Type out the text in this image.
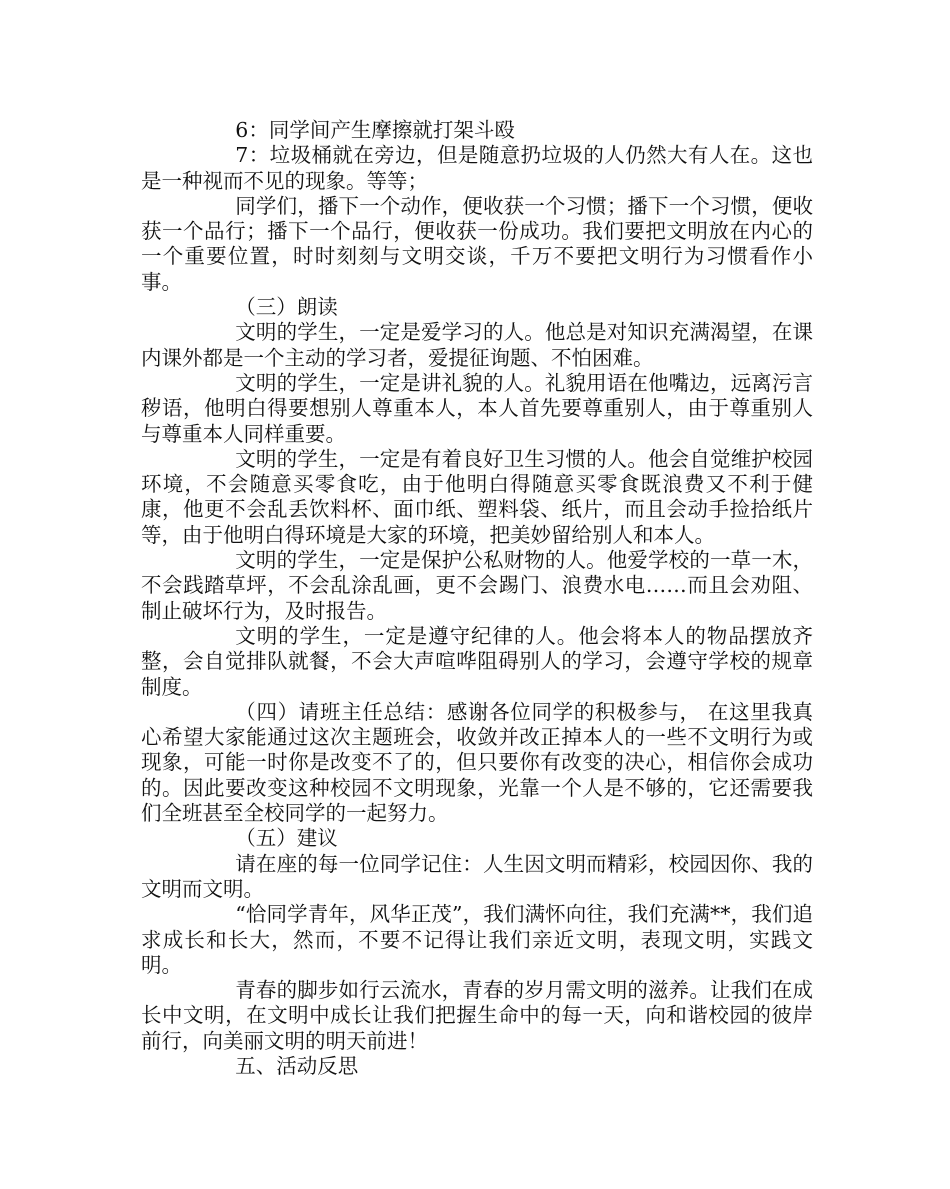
6：同学间产生摩擦就打架斗殴

7：垃圾桶就在旁边，但是随意扔垃圾的人仍然大有人在。这也是一种视而不见的现象。等等；

同学们，播下一个动作，便收获一个习惯；播下一个习惯，便收获一个品行；播下一个品行，便收获一份成功。我们要把文明放在内心的一个重要位置，时时刻刻与文明交谈，千万不要把文明行为习惯看作小事。

（三）朗读

文明的学生，一定是爱学习的人。他总是对知识充满渴望，在课内课外都是一个主动的学习者，爱提征询题、不怕困难。

文明的学生，一定是讲礼貌的人。礼貌用语在他嘴边，远离污言秽语，他明白得要想别人尊重本人，本人首先要尊重别人，由于尊重别人与尊重本人同样重要。

文明的学生，一定是有着良好卫生习惯的人。他会自觉维护校园环境，不会随意买零食吃，由于他明白得随意买零食既浪费又不利于健康，他更不会乱丢饮料杯、面巾纸、塑料袋、纸片，而且会动手捡拾纸片等，由于他明白得环境是大家的环境，把美妙留给别人和本人。

文明的学生，一定是保护公私财物的人。他爱学校的一草一木，不会践踏草坪，不会乱涂乱画，更不会踢门、浪费水电……而且会劝阻、制止破坏行为，及时报告。

文明的学生，一定是遵守纪律的人。他会将本人的物品摆放齐整，会自觉排队就餐，不会大声喧哗阻碍别人的学习，会遵守学校的规章制度。

（四）请班主任总结：感谢各位同学的积极参与， 在这里我真心希望大家能通过这次主题班会，收敛并改正掉本人的一些不文明行为或现象，可能一时你是改变不了的，但只要你有改变的决心，相信你会成功的。因此要改变这种校园不文明现象，光靠一个人是不够的，它还需要我们全班甚至全校同学的一起努力。

（五）建议

请在座的每一位同学记住：人生因文明而精彩，校园因你、我的文明而文明。

“恰同学青年，风华正茂”，我们满怀向往，我们充满**，我们追求成长和长大，然而，不要不记得让我们亲近文明，表现文明，实践文明。

青春的脚步如行云流水，青春的岁月需文明的滋养。让我们在成长中文明，在文明中成长让我们把握生命中的每一天，向和谐校园的彼岸前行，向美丽文明的明天前进！

五、活动反思
